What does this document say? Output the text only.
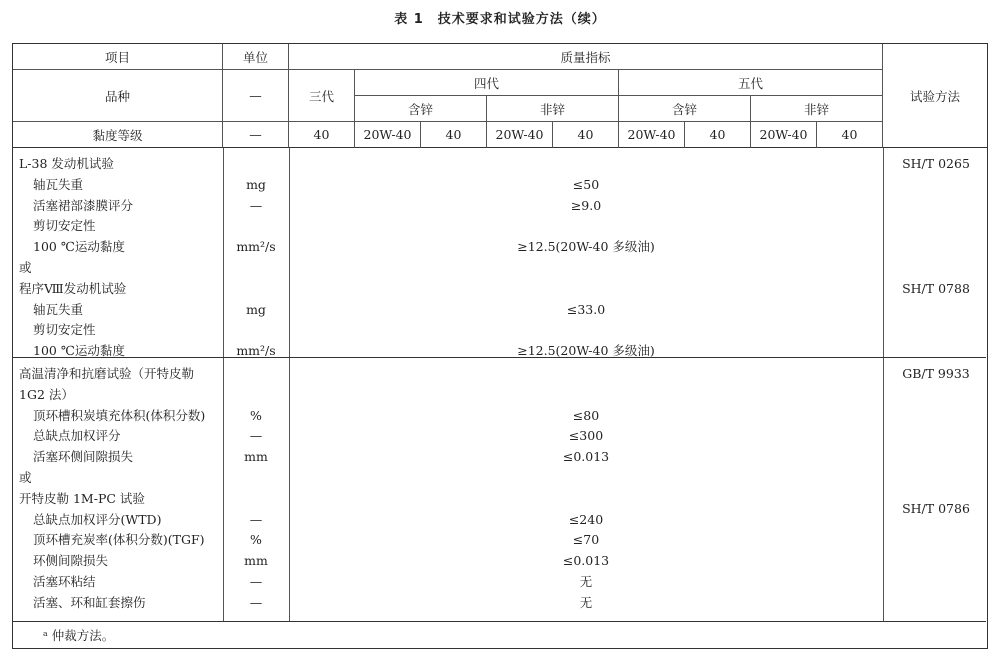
表 1　技术要求和试验方法（续）
项目	单位	质量指标
试验方法
品种	—	三代
四代	五代
含锌	非锌	含锌	非锌
黏度等级	—	40	20W-40	40	20W-40	40	20W-40	40	20W-40	40
L-38 发动机试验	SH/T 0265
轴瓦失重	mg	≤50
活塞裙部漆膜评分	—	≥9.0
剪切安定性
100 ℃运动黏度	mm²/s	≥12.5(20W-40 多级油)
或
程序Ⅷ发动机试验	SH/T 0788
轴瓦失重	mg	≤33.0
剪切安定性
100 ℃运动黏度	mm²/s	≥12.5(20W-40 多级油)
高温清净和抗磨试验（开特皮勒	GB/T 9933
1G2 法）
顶环槽积炭填充体积(体积分数)	%	≤80
总缺点加权评分	—	≤300
活塞环侧间隙损失	mm	≤0.013
或
开特皮勒 1M-PC 试验
SH/T 0786
总缺点加权评分(WTD)	—	≤240
顶环槽充炭率(体积分数)(TGF)	%	≤70
环侧间隙损失	mm	≤0.013
活塞环粘结	—	无
活塞、环和缸套擦伤	—	无
ᵃ 仲裁方法。
